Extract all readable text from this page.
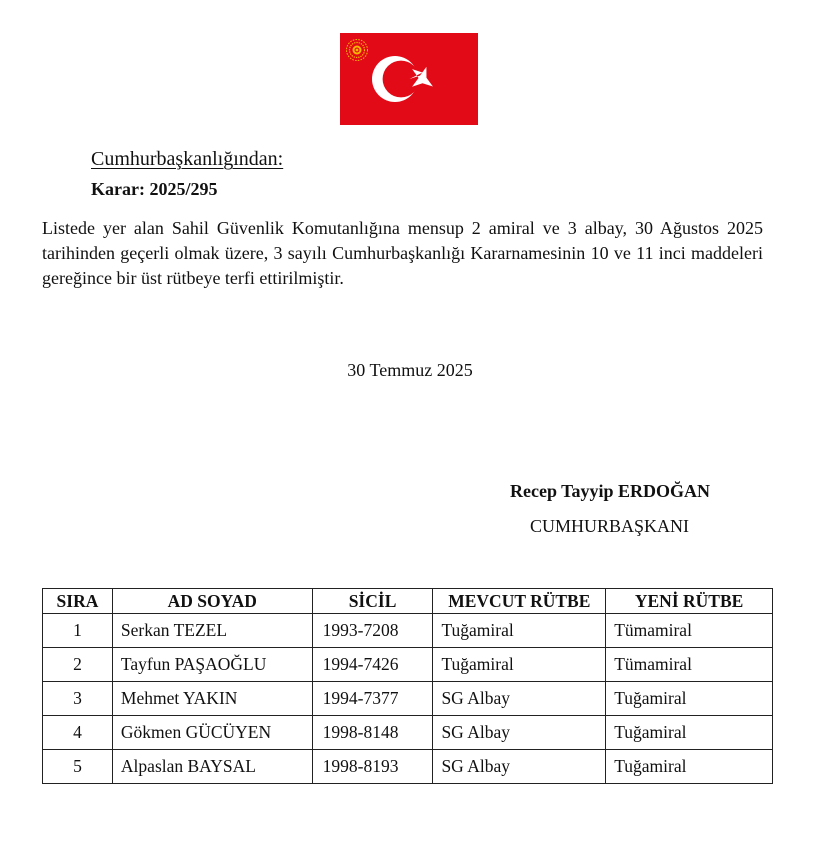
Cumhurbaşkanlığından:
Karar: 2025/295

Listede yer alan Sahil Güvenlik Komutanlığına mensup 2 amiral ve 3 albay, 30 Ağustos 2025 tarihinden geçerli olmak üzere, 3 sayılı Cumhurbaşkanlığı Kararnamesinin 10 ve 11 inci maddeleri gereğince bir üst rütbeye terfi ettirilmiştir.

30 Temmuz 2025
Recep Tayyip ERDOĞAN
CUMHURBAŞKANI
SIRA	AD SOYAD	SİCİL	MEVCUT RÜTBE	YENİ RÜTBE
1	Serkan TEZEL	1993-7208	Tuğamiral	Tümamiral
2	Tayfun PAŞAOĞLU	1994-7426	Tuğamiral	Tümamiral
3	Mehmet YAKIN	1994-7377	SG Albay	Tuğamiral
4	Gökmen GÜCÜYEN	1998-8148	SG Albay	Tuğamiral
5	Alpaslan BAYSAL	1998-8193	SG Albay	Tuğamiral
